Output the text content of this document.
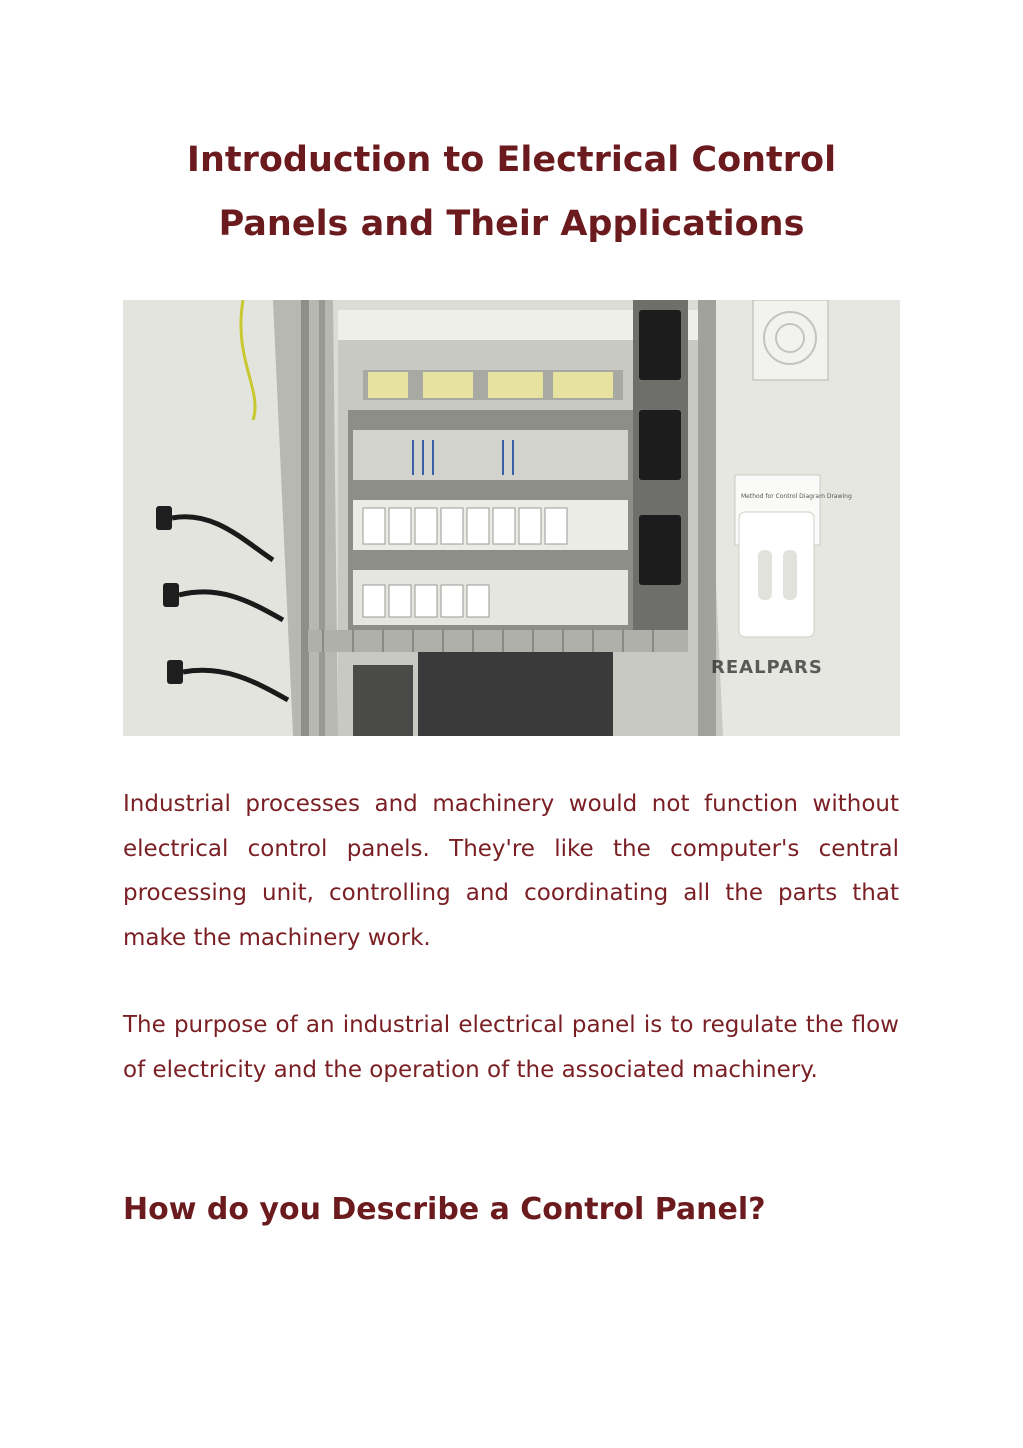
Introduction to Electrical Control Panels and Their Applications
Method for Control Diagram Drawing
REALPARS

Industrial processes and machinery would not function without electrical control panels. They're like the computer's central processing unit, controlling and coordinating all the parts that make the machinery work.

The purpose of an industrial electrical panel is to regulate the flow of electricity and the operation of the associated machinery.

How do you Describe a Control Panel?
